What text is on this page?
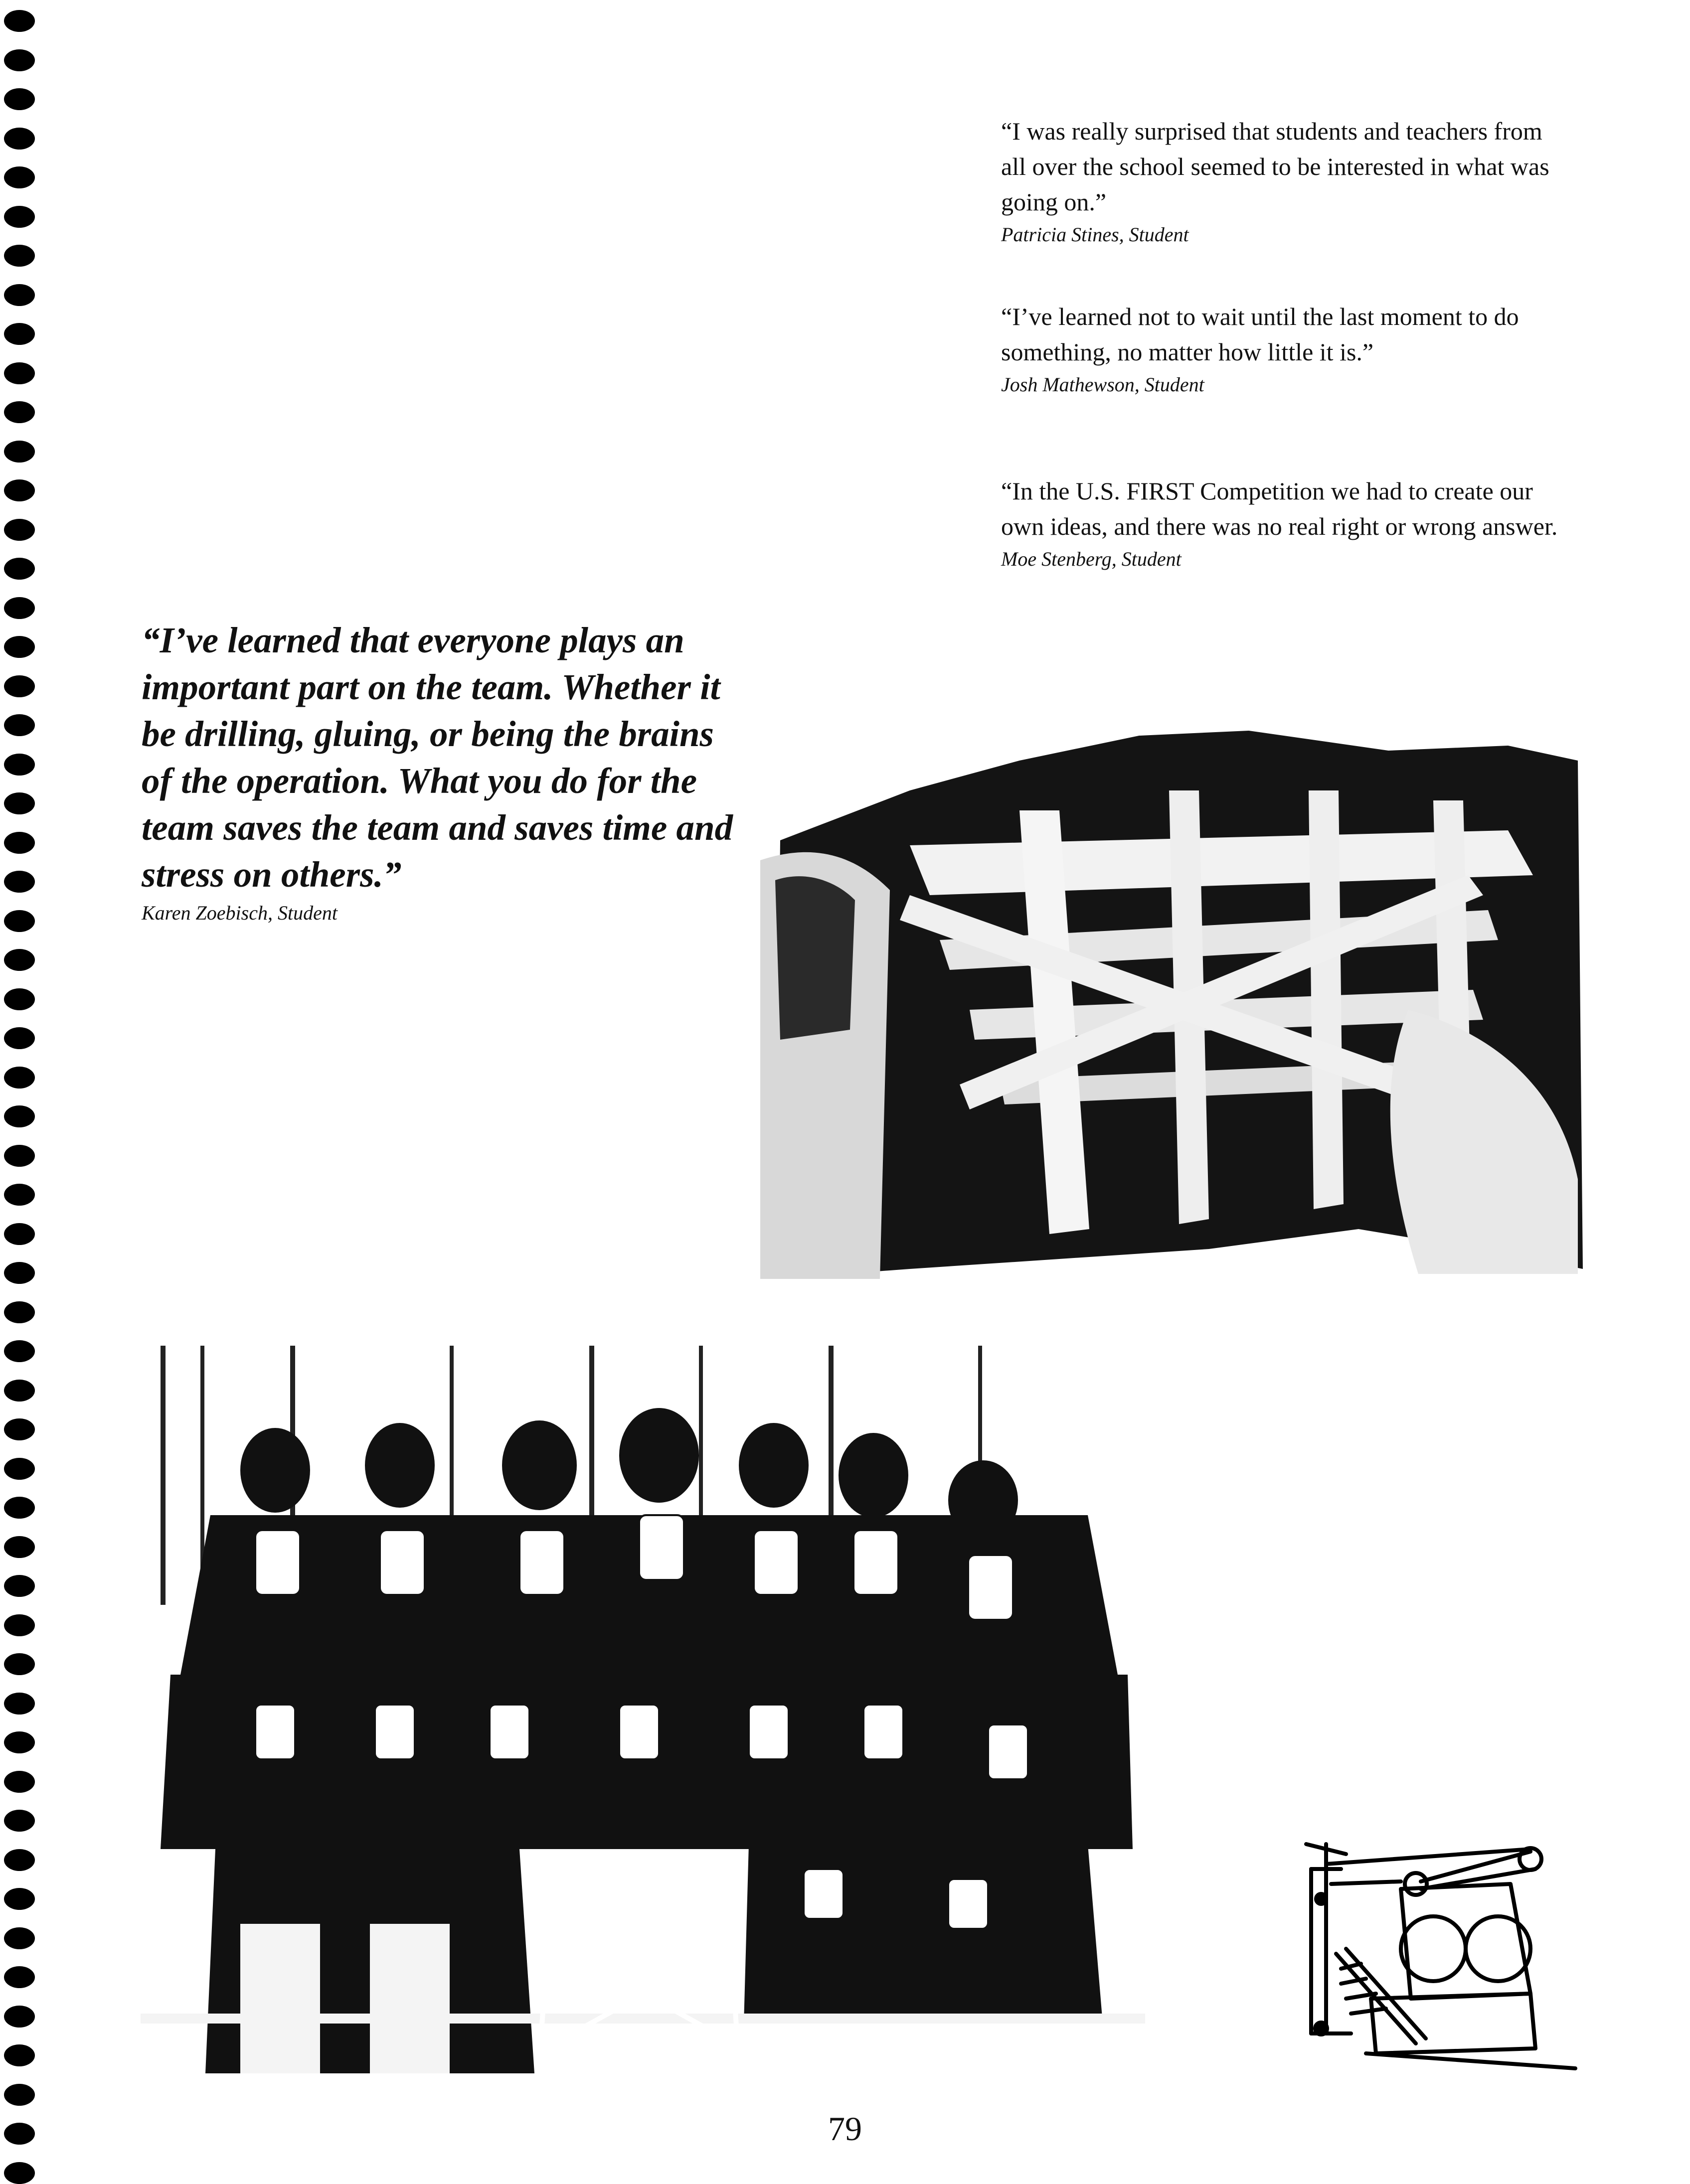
“I was really surprised that students and teachers from all over the school seemed to be interested in what was going on.”

Patricia Stines, Student

“I’ve learned not to wait until the last moment to do something, no matter how little it is.”

Josh Mathewson, Student

“In the U.S. FIRST Competition we had to create our own ideas, and there was no real right or wrong answer.

Moe Stenberg, Student

“I’ve learned that everyone plays an important part on the team. Whether it be drilling, gluing, or being the brains of the operation. What you do for the team saves the team and saves time and stress on others.”

Karen Zoebisch, Student

79
